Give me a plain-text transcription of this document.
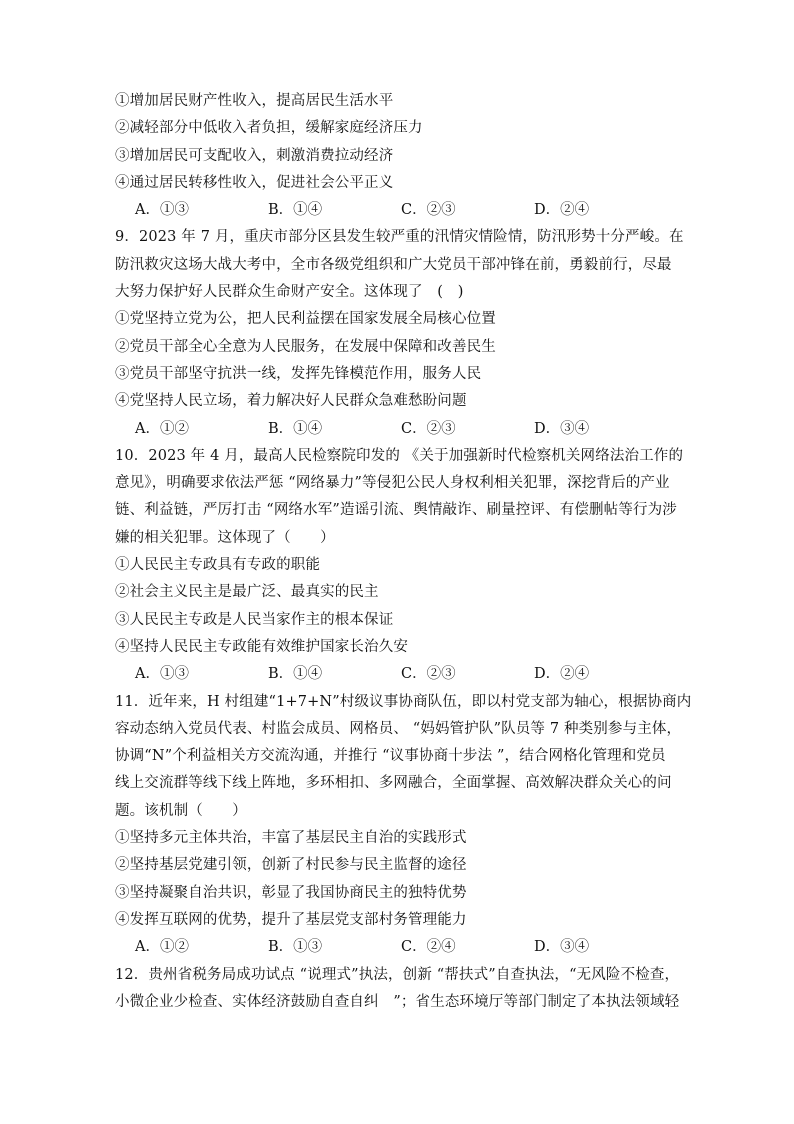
①增加居民财产性收入，提高居民生活水平
②减轻部分中低收入者负担，缓解家庭经济压力
③增加居民可支配收入，刺激消费拉动经济
④通过居民转移性收入，促进社会公平正义
A．①③	B．①④	C．②③	D．②④
9．2023 年 7 月，重庆市部分区县发生较严重的汛情灾情险情，防汛形势十分严峻。在
防汛救灾这场大战大考中，全市各级党组织和广大党员干部冲锋在前，勇毅前行，尽最
大努力保护好人民群众生命财产安全。这体现了　(　)
①党坚持立党为公，把人民利益摆在国家发展全局核心位置
②党员干部全心全意为人民服务，在发展中保障和改善民生
③党员干部坚守抗洪一线，发挥先锋模范作用，服务人民
④党坚持人民立场，着力解决好人民群众急难愁盼问题
A．①②	B．①④	C．②③	D．③④
10．2023 年 4 月，最高人民检察院印发的 《关于加强新时代检察机关网络法治工作的
意见》，明确要求依法严惩 “网络暴力”等侵犯公民人身权利相关犯罪，深挖背后的产业
链、利益链，严厉打击 “网络水军”造谣引流、舆情敲诈、刷量控评、有偿删帖等行为涉
嫌的相关犯罪。这体现了（　　）
①人民民主专政具有专政的职能
②社会主义民主是最广泛、最真实的民主
③人民民主专政是人民当家作主的根本保证
④坚持人民民主专政能有效维护国家长治久安
A．①③	B．①④	C．②③	D．②④
11．近年来，H 村组建“1+7+N”村级议事协商队伍，即以村党支部为轴心，根据协商内
容动态纳入党员代表、村监会成员、网格员、 “妈妈管护队”队员等 7 种类别参与主体，
协调“N”个利益相关方交流沟通，并推行 “议事协商十步法 ”，结合网格化管理和党员
线上交流群等线下线上阵地，多环相扣、多网融合，全面掌握、高效解决群众关心的问
题。该机制（　　）
①坚持多元主体共治，丰富了基层民主自治的实践形式
②坚持基层党建引领，创新了村民参与民主监督的途径
③坚持凝聚自治共识，彰显了我国协商民主的独特优势
④发挥互联网的优势，提升了基层党支部村务管理能力
A．①②	B．①③	C．②④	D．③④
12．贵州省税务局成功试点 “说理式”执法，创新 “帮扶式”自查执法，“无风险不检查，
小微企业少检查、实体经济鼓励自查自纠　”；省生态环境厅等部门制定了本执法领域轻
